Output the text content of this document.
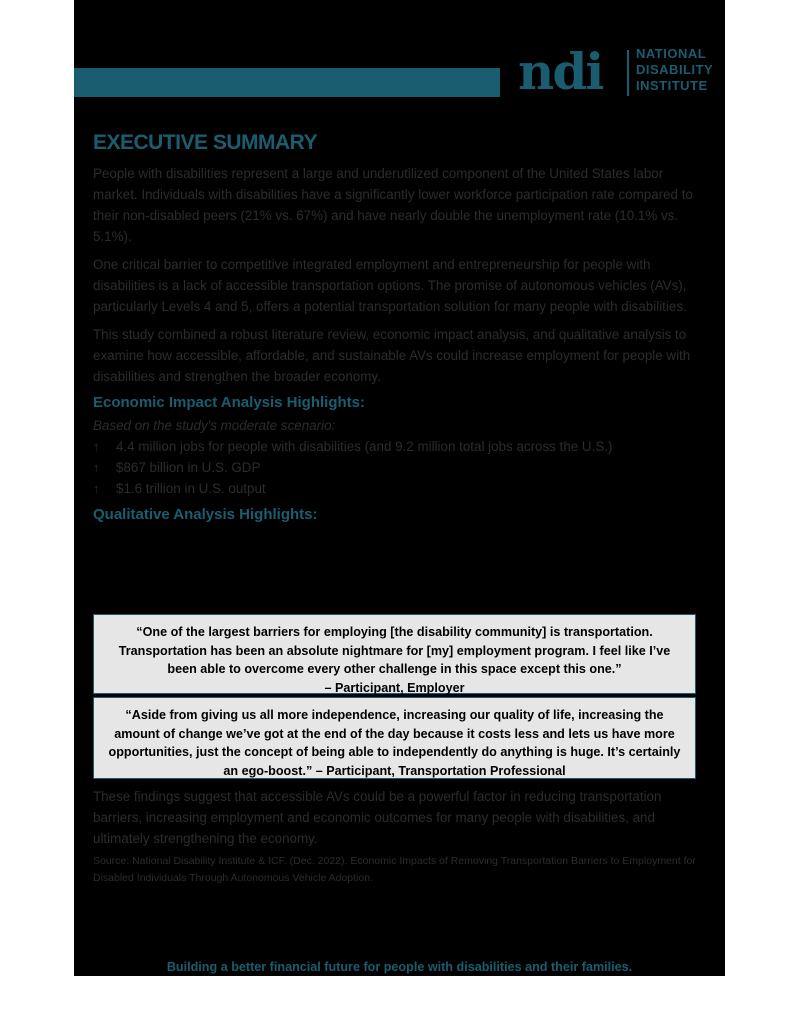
ndi	NATIONAL
DISABILITY
INSTITUTE
EXECUTIVE SUMMARY

People with disabilities represent a large and underutilized component of the United States labor market. Individuals with disabilities have a significantly lower workforce participation rate compared to their non-disabled peers (21% vs. 67%) and have nearly double the unemployment rate (10.1% vs. 5.1%).

One critical barrier to competitive integrated employment and entrepreneurship for people with disabilities is a lack of accessible transportation options. The promise of autonomous vehicles (AVs), particularly Levels 4 and 5, offers a potential transportation solution for many people with disabilities.

This study combined a robust literature review, economic impact analysis, and qualitative analysis to examine how accessible, affordable, and sustainable AVs could increase employment for people with disabilities and strengthen the broader economy.

Economic Impact Analysis Highlights:
Based on the study's moderate scenario:
↑ 4.4 million jobs for people with disabilities (and 9.2 million total jobs across the U.S.)
↑ $867 billion in U.S. GDP
↑ $1.6 trillion in U.S. output
Qualitative Analysis Highlights:
“One of the largest barriers for employing [the disability community] is transportation. Transportation has been an absolute nightmare for [my] employment program. I feel like I’ve been able to overcome every other challenge in this space except this one.”
– Participant, Employer
“Aside from giving us all more independence, increasing our quality of life, increasing the amount of change we’ve got at the end of the day because it costs less and lets us have more opportunities, just the concept of being able to independently do anything is huge. It’s certainly an ego-boost.” – Participant, Transportation Professional
These findings suggest that accessible AVs could be a powerful factor in reducing transportation barriers, increasing employment and economic outcomes for many people with disabilities, and ultimately strengthening the economy.
Source: National Disability Institute & ICF. (Dec. 2022). Economic Impacts of Removing Transportation Barriers to Employment for Disabled Individuals Through Autonomous Vehicle Adoption.
Building a better financial future for people with disabilities and their families.
